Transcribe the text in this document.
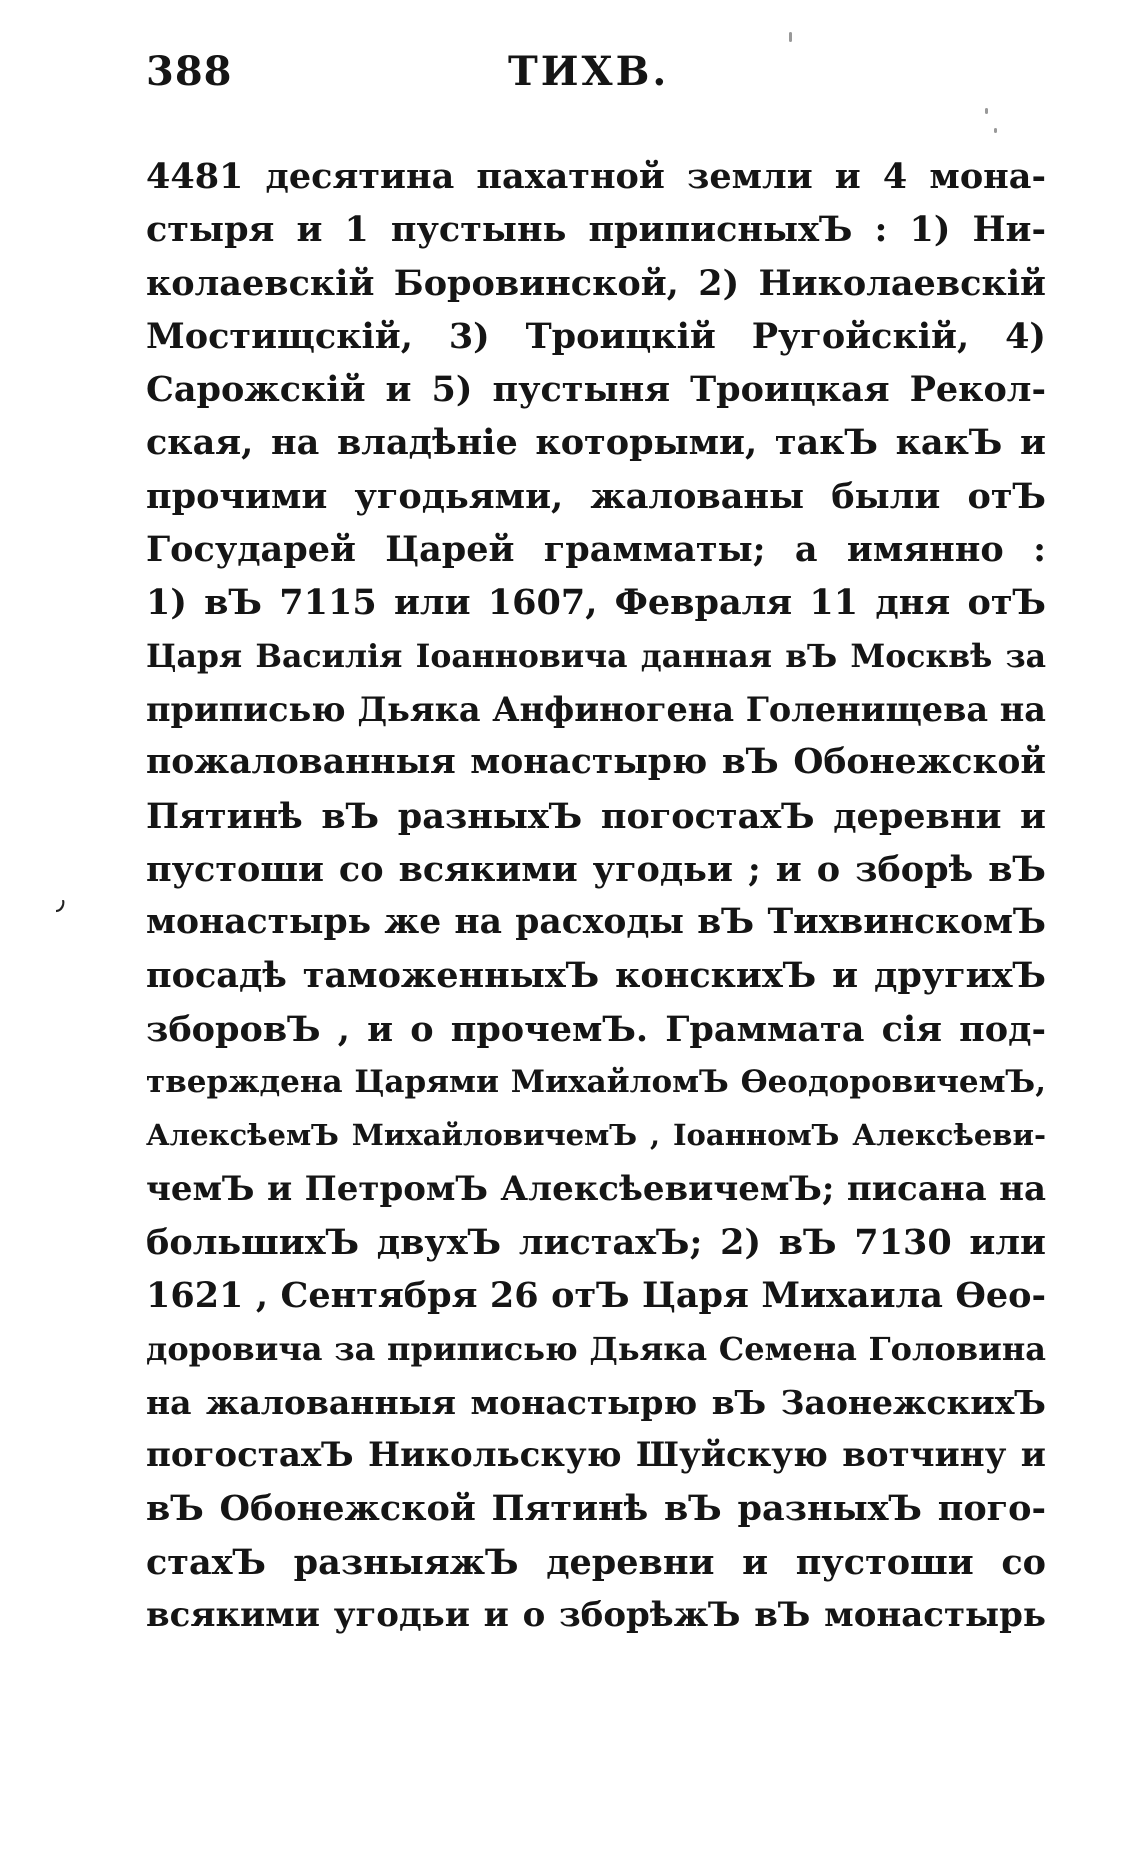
388	ТИХВ.
٫
4481 десятина пахатной земли и 4 мона-
стыря и 1 пустынь приписныхЪ : 1) Ни-
колаевскій Боровинской, 2) Николаевскій
Мостищскій, 3) Троицкій Ругойскій, 4)
Сарожскій и 5) пустыня Троицкая Рекол-
ская, на владѣніе которыми, такЪ какЪ и
прочими угодьями, жалованы были отЪ
Государей Царей грамматы; а имянно :
1) вЪ 7115 или 1607, Февраля 11 дня отЪ
Царя Василія Іоанновича данная вЪ Москвѣ за
приписью Дьяка Анфиногена Голенищева на
пожалованныя монастырю вЪ Обонежской
Пятинѣ вЪ разныхЪ погостахЪ деревни и
пустоши со всякими угодьи ; и о зборѣ вЪ
монастырь же на расходы вЪ ТихвинскомЪ
посадѣ таможенныхЪ конскихЪ и другихЪ
зборовЪ , и о прочемЪ. Граммата сія под-
тверждена Царями МихайломЪ ѲеодоровичемЪ,
АлексѣемЪ МихайловичемЪ , ІоанномЪ Алексѣеви-
чемЪ и ПетромЪ АлексѣевичемЪ; писана на
большихЪ двухЪ листахЪ; 2) вЪ 7130 или
1621 , Сентября 26 отЪ Царя Михаила Ѳео-
доровича за приписью Дьяка Семена Головина
на жалованныя монастырю вЪ ЗаонежскихЪ
погостахЪ Никольскую Шуйскую вотчину и
вЪ Обонежской Пятинѣ вЪ разныхЪ пого-
стахЪ разныяжЪ деревни и пустоши со
всякими угодьи и о зборѣжЪ вЪ монастырь
